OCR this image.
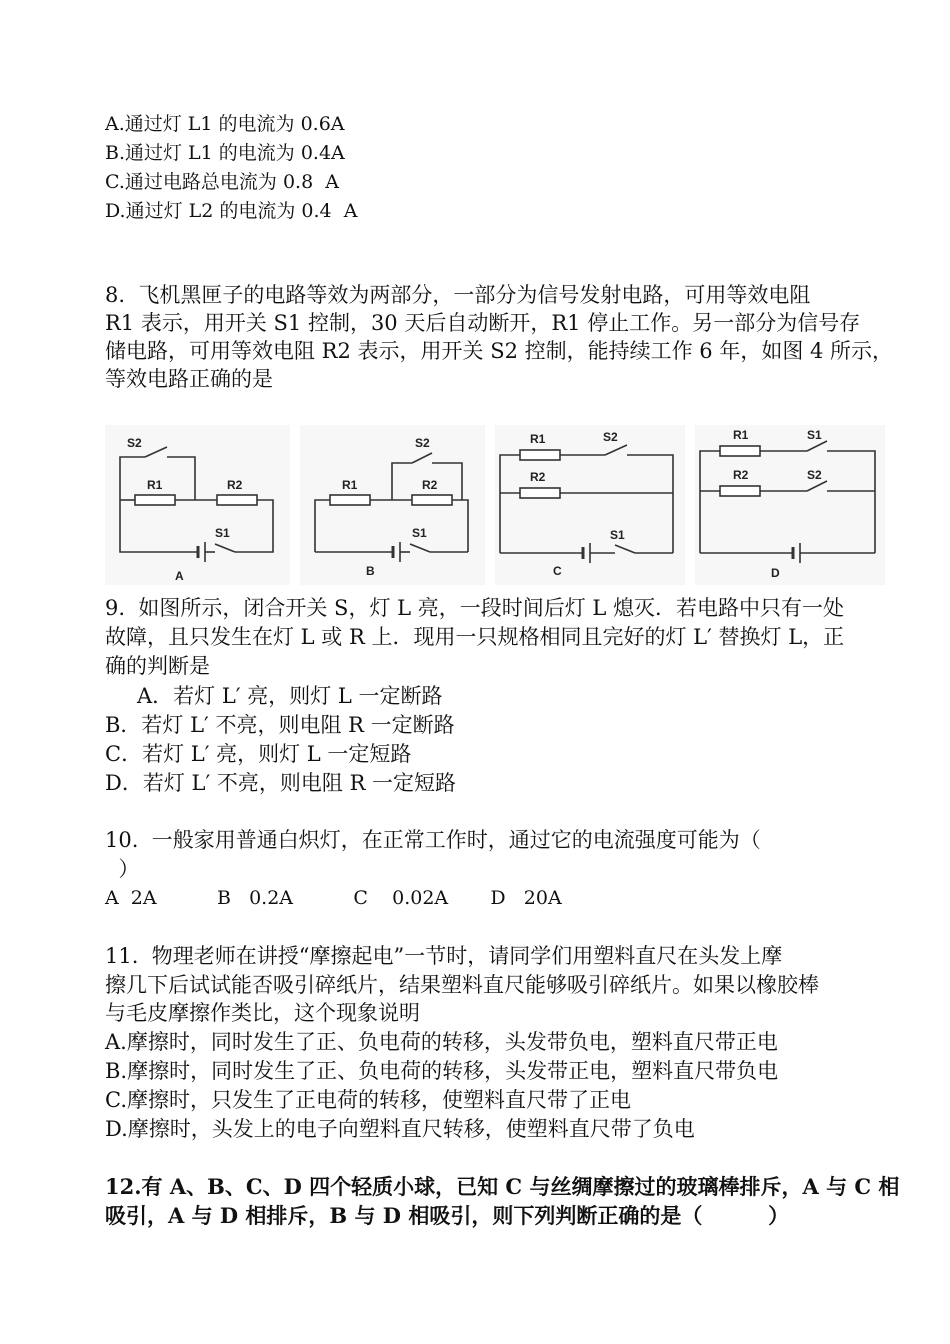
A.通过灯 L1 的电流为 0.6A
B.通过灯 L1 的电流为 0.4A
C.通过电路总电流为 0.8  A
D.通过灯 L2 的电流为 0.4  A
8.  飞机黑匣子的电路等效为两部分，一部分为信号发射电路，可用等效电阻
R1 表示，用开关 S1 控制，30 天后自动断开，R1 停止工作。另一部分为信号存
储电路，可用等效电阻 R2 表示，用开关 S2 控制，能持续工作 6 年，如图 4 所示，
等效电路正确的是
S2
R1	R2
S1
A
S2
R1	R2
S1
B
R1	S2
R2
S1
C
R1	S1
R2	S2
D
9.  如图所示，闭合开关 S，灯 L 亮，一段时间后灯 L 熄灭．若电路中只有一处
故障，且只发生在灯 L 或 R 上．现用一只规格相同且完好的灯 L′ 替换灯 L，正
确的判断是
A．若灯 L′ 亮，则灯 L 一定断路
B．若灯 L′ 不亮，则电阻 R 一定断路
C．若灯 L′ 亮，则灯 L 一定短路
D．若灯 L′ 不亮，则电阻 R 一定短路
10.  一般家用普通白炽灯，在正常工作时，通过它的电流强度可能为（
）
A  2A          B   0.2A          C    0.02A       D   20A
11.  物理老师在讲授“摩擦起电”一节时，请同学们用塑料直尺在头发上摩
擦几下后试试能否吸引碎纸片，结果塑料直尺能够吸引碎纸片。如果以橡胶棒
与毛皮摩擦作类比，这个现象说明
A.摩擦时，同时发生了正、负电荷的转移，头发带负电，塑料直尺带正电
B.摩擦时，同时发生了正、负电荷的转移，头发带正电，塑料直尺带负电
C.摩擦时，只发生了正电荷的转移，使塑料直尺带了正电
D.摩擦时，头发上的电子向塑料直尺转移，使塑料直尺带了负电
12.有 A、B、C、D 四个轻质小球，已知 C 与丝绸摩擦过的玻璃棒排斥，A 与 C 相
吸引，A 与 D 相排斥，B 与 D 相吸引，则下列判断正确的是（         ）
